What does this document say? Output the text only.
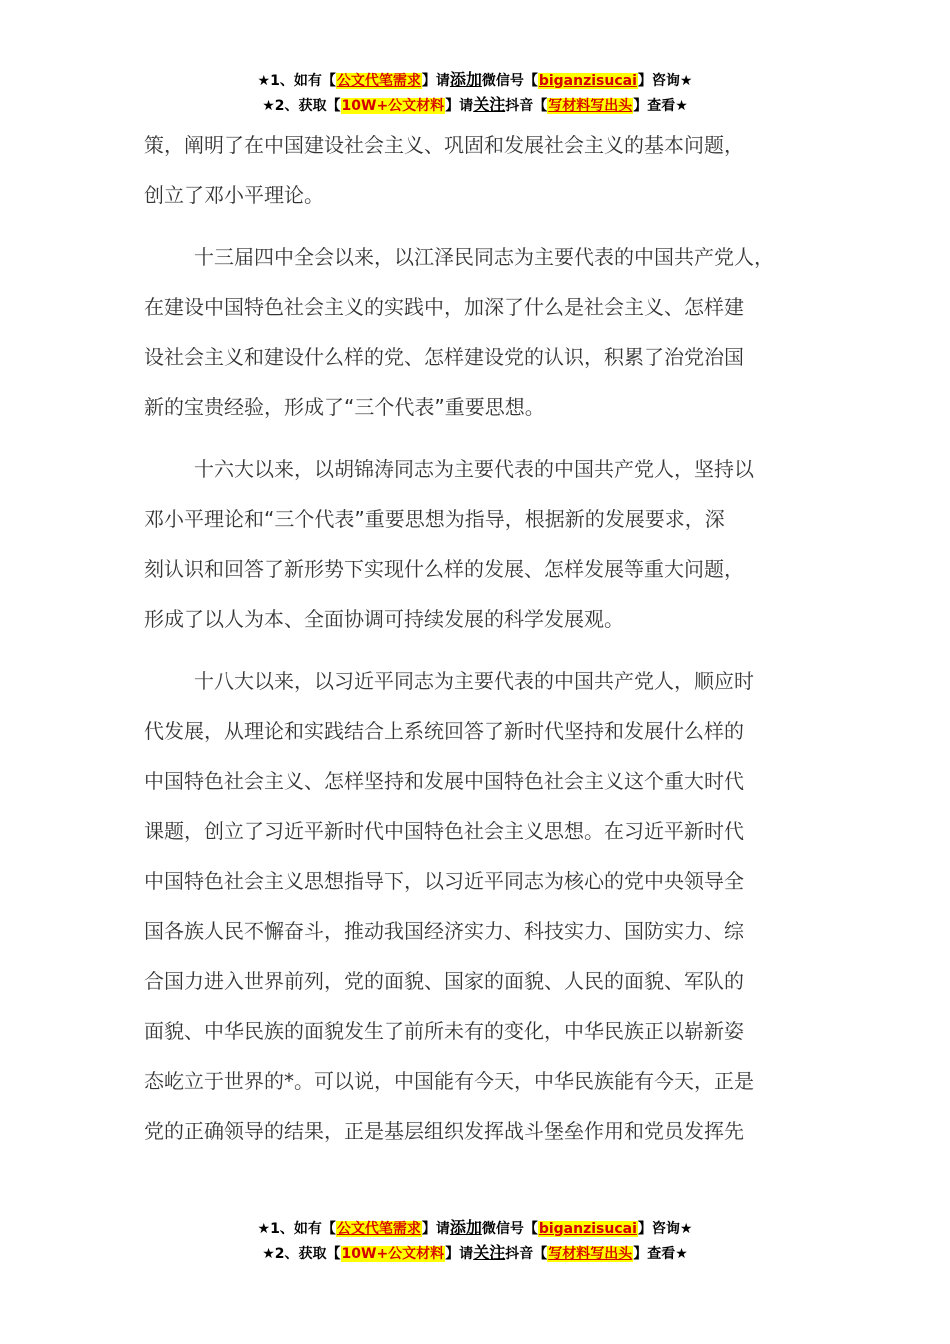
★1、如有【公文代笔需求】请添加微信号【biganzisucai】咨询★
★2、获取【10W+公文材料】请关注抖音【写材料写出头】查看★

策，阐明了在中国建设社会主义、巩固和发展社会主义的基本问题，
创立了邓小平理论。

十三届四中全会以来，以江泽民同志为主要代表的中国共产党人，
在建设中国特色社会主义的实践中，加深了什么是社会主义、怎样建
设社会主义和建设什么样的党、怎样建设党的认识，积累了治党治国
新的宝贵经验，形成了“三个代表”重要思想。

十六大以来，以胡锦涛同志为主要代表的中国共产党人，坚持以
邓小平理论和“三个代表”重要思想为指导，根据新的发展要求，深
刻认识和回答了新形势下实现什么样的发展、怎样发展等重大问题，
形成了以人为本、全面协调可持续发展的科学发展观。

十八大以来，以习近平同志为主要代表的中国共产党人，顺应时
代发展，从理论和实践结合上系统回答了新时代坚持和发展什么样的
中国特色社会主义、怎样坚持和发展中国特色社会主义这个重大时代
课题，创立了习近平新时代中国特色社会主义思想。在习近平新时代
中国特色社会主义思想指导下，以习近平同志为核心的党中央领导全
国各族人民不懈奋斗，推动我国经济实力、科技实力、国防实力、综
合国力进入世界前列，党的面貌、国家的面貌、人民的面貌、军队的
面貌、中华民族的面貌发生了前所未有的变化，中华民族正以崭新姿
态屹立于世界的*。可以说，中国能有今天，中华民族能有今天，正是
党的正确领导的结果，正是基层组织发挥战斗堡垒作用和党员发挥先

★1、如有【公文代笔需求】请添加微信号【biganzisucai】咨询★
★2、获取【10W+公文材料】请关注抖音【写材料写出头】查看★
